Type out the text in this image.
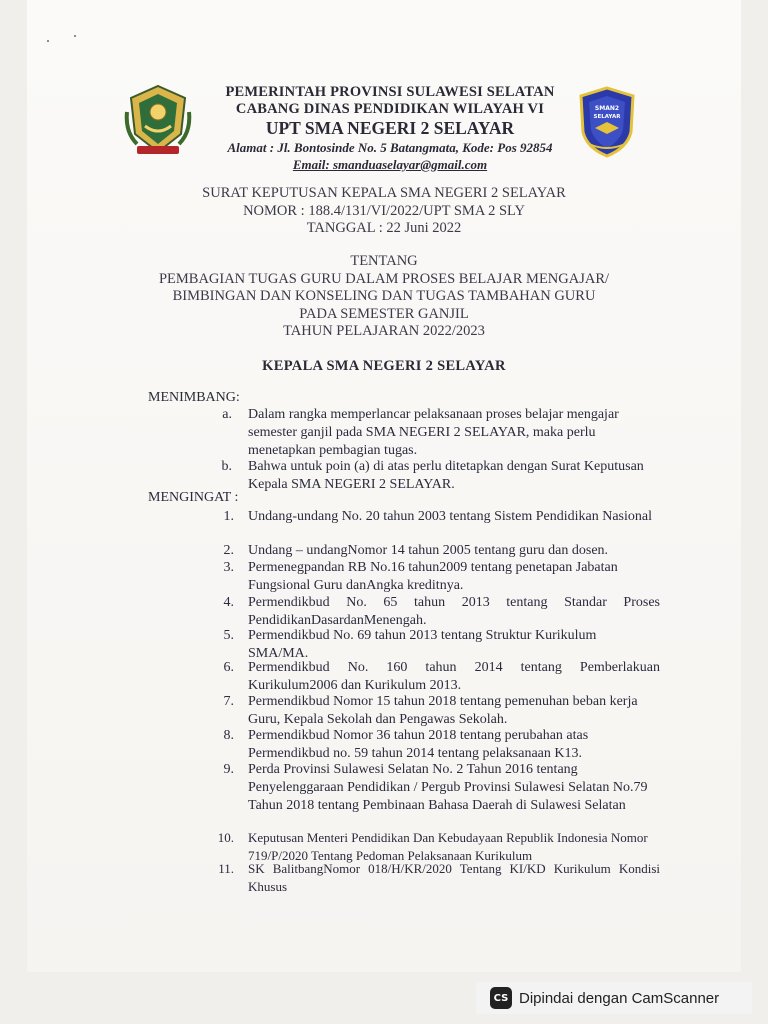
PEMERINTAH PROVINSI SULAWESI SELATAN
CABANG DINAS PENDIDIKAN WILAYAH VI
UPT SMA NEGERI 2 SELAYAR
Alamat : Jl. Bontosinde No. 5 Batangmata, Kode: Pos 92854
Email: smanduaselayar@gmail.com
SMAN2
SELAYAR
SURAT KEPUTUSAN KEPALA SMA NEGERI 2 SELAYAR
NOMOR : 188.4/131/VI/2022/UPT SMA 2 SLY
TANGGAL : 22 Juni 2022
TENTANG
PEMBAGIAN TUGAS GURU DALAM PROSES BELAJAR MENGAJAR/
BIMBINGAN DAN KONSELING DAN TUGAS TAMBAHAN GURU
PADA SEMESTER GANJIL
TAHUN PELAJARAN 2022/2023
KEPALA SMA NEGERI 2 SELAYAR
MENIMBANG:
a. Dalam rangka memperlancar pelaksanaan proses belajar mengajar semester ganjil pada SMA NEGERI 2 SELAYAR, maka perlu menetapkan pembagian tugas.
b. Bahwa untuk poin (a) di atas perlu ditetapkan dengan Surat Keputusan Kepala SMA NEGERI 2 SELAYAR.
MENGINGAT :
1. Undang-undang No. 20 tahun 2003 tentang Sistem Pendidikan Nasional
2. Undang – undangNomor 14 tahun 2005 tentang guru dan dosen.
3. Permenegpandan RB No.16 tahun2009 tentang penetapan Jabatan Fungsional Guru danAngka kreditnya.
4. Permendikbud No. 65 tahun 2013 tentang Standar Proses PendidikanDasardanMenengah.
5. Permendikbud No. 69 tahun 2013 tentang Struktur Kurikulum SMA/MA.
6. Permendikbud No. 160 tahun 2014 tentang Pemberlakuan Kurikulum2006 dan Kurikulum 2013.
7. Permendikbud Nomor 15 tahun 2018 tentang pemenuhan beban kerja Guru, Kepala Sekolah dan Pengawas Sekolah.
8. Permendikbud Nomor 36 tahun 2018 tentang perubahan atas Permendikbud no. 59 tahun 2014 tentang pelaksanaan K13.
9. Perda Provinsi Sulawesi Selatan No. 2 Tahun 2016 tentang Penyelenggaraan Pendidikan / Pergub Provinsi Sulawesi Selatan No.79 Tahun 2018 tentang Pembinaan Bahasa Daerah di Sulawesi Selatan
10. Keputusan Menteri Pendidikan Dan Kebudayaan Republik Indonesia Nomor 719/P/2020 Tentang Pedoman Pelaksanaan Kurikulum
11. SK BalitbangNomor 018/H/KR/2020 Tentang KI/KD Kurikulum Kondisi Khusus
CS Dipindai dengan CamScanner
